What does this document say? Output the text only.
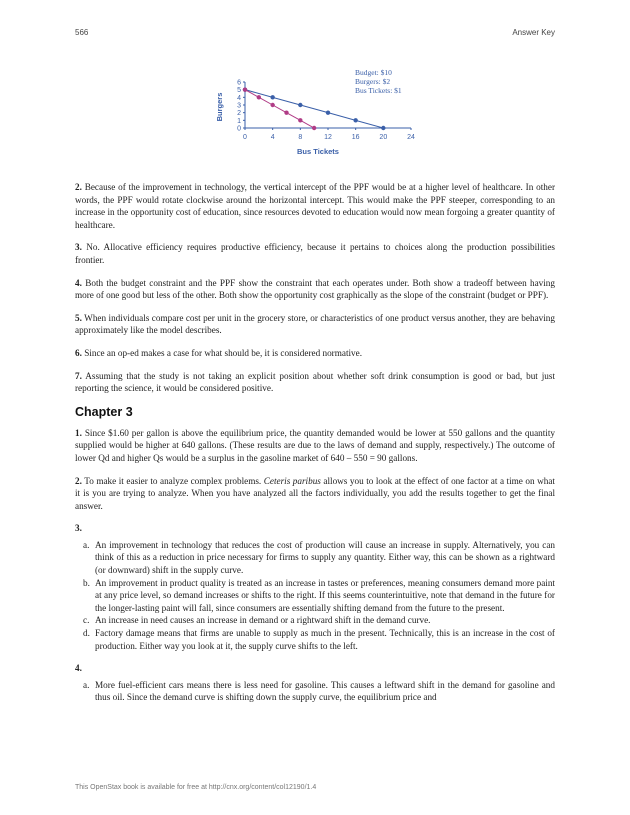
566	Answer Key
0	4	8	12	16	20	24
0
1
2
3
4
5
6
Bus Tickets
Burgers
Budget: $10
Burgers: $2
Bus Tickets: $1

2. Because of the improvement in technology, the vertical intercept of the PPF would be at a higher level of healthcare. In other words, the PPF would rotate clockwise around the horizontal intercept. This would make the PPF steeper, corresponding to an increase in the opportunity cost of education, since resources devoted to education would now mean forgoing a greater quantity of healthcare.

3. No. Allocative efficiency requires productive efficiency, because it pertains to choices along the production possibilities frontier.

4. Both the budget constraint and the PPF show the constraint that each operates under. Both show a tradeoff between having more of one good but less of the other. Both show the opportunity cost graphically as the slope of the constraint (budget or PPF).

5. When individuals compare cost per unit in the grocery store, or characteristics of one product versus another, they are behaving approximately like the model describes.

6. Since an op-ed makes a case for what should be, it is considered normative.

7. Assuming that the study is not taking an explicit position about whether soft drink consumption is good or bad, but just reporting the science, it would be considered positive.

Chapter 3

1. Since $1.60 per gallon is above the equilibrium price, the quantity demanded would be lower at 550 gallons and the quantity supplied would be higher at 640 gallons. (These results are due to the laws of demand and supply, respectively.) The outcome of lower Qd and higher Qs would be a surplus in the gasoline market of 640 – 550 = 90 gallons.

2. To make it easier to analyze complex problems. Ceteris paribus allows you to look at the effect of one factor at a time on what it is you are trying to analyze. When you have analyzed all the factors individually, you add the results together to get the final answer.

3.
a. An improvement in technology that reduces the cost of production will cause an increase in supply. Alternatively, you can think of this as a reduction in price necessary for firms to supply any quantity. Either way, this can be shown as a rightward (or downward) shift in the supply curve.
b. An improvement in product quality is treated as an increase in tastes or preferences, meaning consumers demand more paint at any price level, so demand increases or shifts to the right. If this seems counterintuitive, note that demand in the future for the longer-lasting paint will fall, since consumers are essentially shifting demand from the future to the present.
c. An increase in need causes an increase in demand or a rightward shift in the demand curve.
d. Factory damage means that firms are unable to supply as much in the present. Technically, this is an increase in the cost of production. Either way you look at it, the supply curve shifts to the left.
4.
a. More fuel-efficient cars means there is less need for gasoline. This causes a leftward shift in the demand for gasoline and thus oil. Since the demand curve is shifting down the supply curve, the equilibrium price and
This OpenStax book is available for free at http://cnx.org/content/col12190/1.4
